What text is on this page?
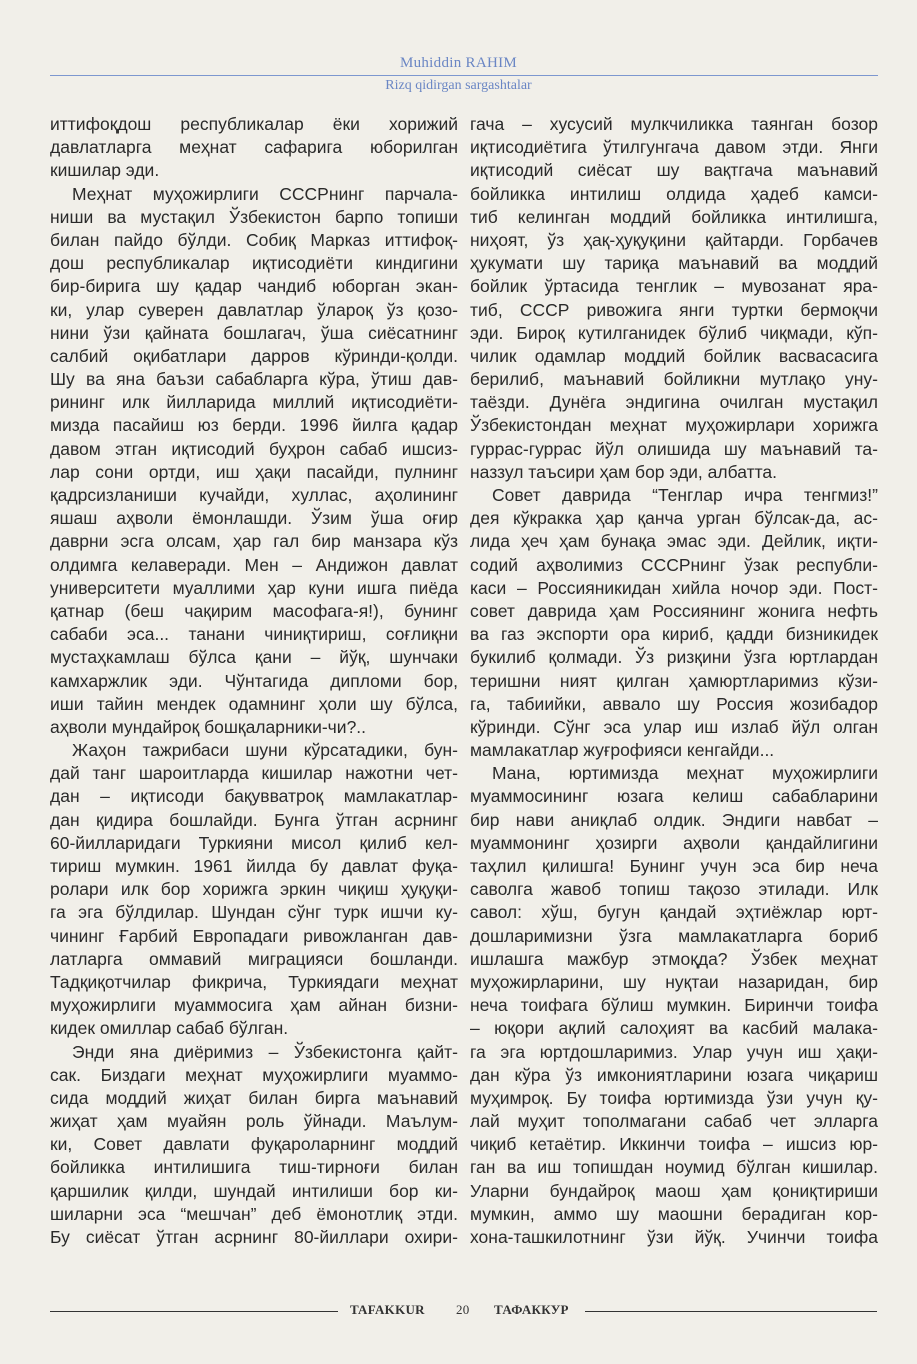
Muhiddin RAHIM
Rizq qidirgan sargashtalar
иттифоқдош республикалар ёки хорижий
давлатларга меҳнат сафарига юборилган
кишилар эди.
Меҳнат муҳожирлиги СССРнинг парчала-
ниши ва мустақил Ўзбекистон барпо топиши
билан пайдо бўлди. Собиқ Марказ иттифоқ-
дош республикалар иқтисодиёти киндигини
бир-бирига шу қадар чандиб юборган экан-
ки, улар суверен давлатлар ўлароқ ўз қозо-
нини ўзи қайната бошлагач, ўша сиёсатнинг
салбий оқибатлари дарров кўринди-қолди.
Шу ва яна баъзи сабабларга кўра, ўтиш дав-
рининг илк йилларида миллий иқтисодиёти-
мизда пасайиш юз берди. 1996 йилга қадар
давом этган иқтисодий буҳрон сабаб ишсиз-
лар сони ортди, иш ҳақи пасайди, пулнинг
қадрсизланиши кучайди, хуллас, аҳолининг
яшаш аҳволи ёмонлашди. Ўзим ўша оғир
даврни эсга олсам, ҳар гал бир манзара кўз
олдимга келаверади. Мен – Андижон давлат
университети муаллими ҳар куни ишга пиёда
қатнар (беш чақирим масофага-я!), бунинг
сабаби эса... танани чиниқтириш, соғлиқни
мустаҳкамлаш бўлса қани – йўқ, шунчаки
камхаржлик эди. Чўнтагида дипломи бор,
иши тайин мендек одамнинг ҳоли шу бўлса,
аҳволи мундайроқ бошқаларники-чи?..
Жаҳон тажрибаси шуни кўрсатадики, бун-
дай танг шароитларда кишилар нажотни чет-
дан – иқтисоди бақувватроқ мамлакатлар-
дан қидира бошлайди. Бунга ўтган асрнинг
60-йилларидаги Туркияни мисол қилиб кел-
тириш мумкин. 1961 йилда бу давлат фуқа-
ролари илк бор хорижга эркин чиқиш ҳуқуқи-
га эга бўлдилар. Шундан сўнг турк ишчи ку-
чининг Ғарбий Европадаги ривожланган дав-
латларга оммавий миграцияси бошланди.
Тадқиқотчилар фикрича, Туркиядаги меҳнат
муҳожирлиги муаммосига ҳам айнан бизни-
кидек омиллар сабаб бўлган.
Энди яна диёримиз – Ўзбекистонга қайт-
сак. Биздаги меҳнат муҳожирлиги муаммо-
сида моддий жиҳат билан бирга маънавий
жиҳат ҳам муайян роль ўйнади. Маълум-
ки, Совет давлати фуқароларнинг моддий
бойликка интилишига тиш-тирноғи билан
қаршилик қилди, шундай интилиши бор ки-
шиларни эса “мешчан” деб ёмонотлиқ этди.
Бу сиёсат ўтган асрнинг 80-йиллари охири-
гача – хусусий мулкчиликка таянган бозор
иқтисодиётига ўтилгунгача давом этди. Янги
иқтисодий сиёсат шу вақтгача маънавий
бойликка интилиш олдида ҳадеб камси-
тиб келинган моддий бойликка интилишга,
ниҳоят, ўз ҳақ-ҳуқуқини қайтарди. Горбачев
ҳукумати шу тариқа маънавий ва моддий
бойлик ўртасида тенглик – мувозанат яра-
тиб, СССР ривожига янги туртки бермоқчи
эди. Бироқ кутилганидек бўлиб чиқмади, кўп-
чилик одамлар моддий бойлик васвасасига
берилиб, маънавий бойликни мутлақо уну-
таёзди. Дунёга эндигина очилган мустақил
Ўзбекистондан меҳнат муҳожирлари хорижга
гуррас-гуррас йўл олишида шу маънавий та-
наззул таъсири ҳам бор эди, албатта.
Совет даврида “Тенглар ичра тенгмиз!”
дея кўкракка ҳар қанча урган бўлсак-да, ас-
лида ҳеч ҳам бунақа эмас эди. Дейлик, иқти-
содий аҳволимиз СССРнинг ўзак республи-
каси – Россияникидан хийла ночор эди. Пост-
совет даврида ҳам Россиянинг жонига нефть
ва газ экспорти ора кириб, қадди бизникидек
букилиб қолмади. Ўз ризқини ўзга юртлардан
теришни ният қилган ҳамюртларимиз кўзи-
га, табиийки, аввало шу Россия жозибадор
кўринди. Сўнг эса улар иш излаб йўл олган
мамлакатлар жуғрофияси кенгайди...
Мана, юртимизда меҳнат муҳожирлиги
муаммосининг юзага келиш сабабларини
бир нави аниқлаб олдик. Эндиги навбат –
муаммонинг ҳозирги аҳволи қандайлигини
таҳлил қилишга! Бунинг учун эса бир неча
саволга жавоб топиш тақозо этилади. Илк
савол: хўш, бугун қандай эҳтиёжлар юрт-
дошларимизни ўзга мамлакатларга бориб
ишлашга мажбур этмоқда? Ўзбек меҳнат
муҳожирларини, шу нуқтаи назаридан, бир
неча тоифага бўлиш мумкин. Биринчи тоифа
– юқори ақлий салоҳият ва касбий малака-
га эга юртдошларимиз. Улар учун иш ҳақи-
дан кўра ўз имкониятларини юзага чиқариш
муҳимроқ. Бу тоифа юртимизда ўзи учун қу-
лай муҳит тополмагани сабаб чет элларга
чиқиб кетаётир. Иккинчи тоифа – ишсиз юр-
ган ва иш топишдан ноумид бўлган кишилар.
Уларни бундайроқ маош ҳам қониқтириши
мумкин, аммо шу маошни берадиган кор-
хона-ташкилотнинг ўзи йўқ. Учинчи тоифа
TAFAKKUR 20 ТАФАККУР
